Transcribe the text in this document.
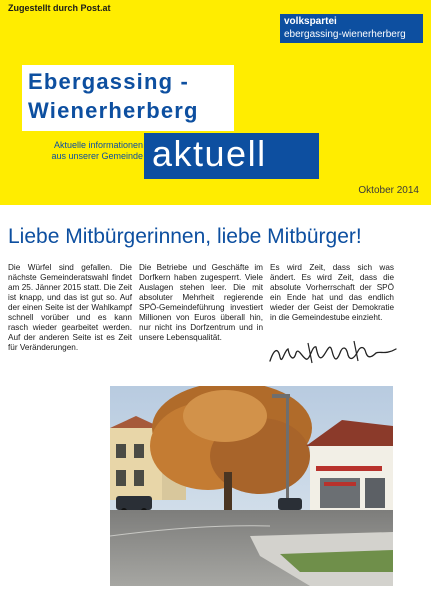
Zugestellt durch Post.at
volkspartei
ebergassing-wienerherberg
Ebergassing -
Wienerherberg
Aktuelle informationen
aus unserer Gemeinde aktuell
Oktober 2014
Liebe Mitbürgerinnen, liebe Mitbürger!
Die Würfel sind gefallen. Die nächste Gemeinderatswahl findet am 25. Jänner 2015 statt. Die Zeit ist knapp, und das ist gut so. Auf der einen Seite ist der Wahlkampf schnell vorüber und es kann rasch wieder gearbeitet werden. Auf der anderen Seite ist es Zeit für Veränderungen.
Die Betriebe und Geschäfte im Dorfkern haben zugesperrt. Viele Auslagen stehen leer. Die mit absoluter Mehrheit regierende SPÖ-Gemeindeführung investiert Millionen von Euros überall hin, nur nicht ins Dorfzentrum und in unsere Lebensqualität.
Es wird Zeit, dass sich was ändert. Es wird Zeit, dass die absolute Vorherrschaft der SPÖ ein Ende hat und das endlich wieder der Geist der Demokratie in die Gemeindestube einzieht.
